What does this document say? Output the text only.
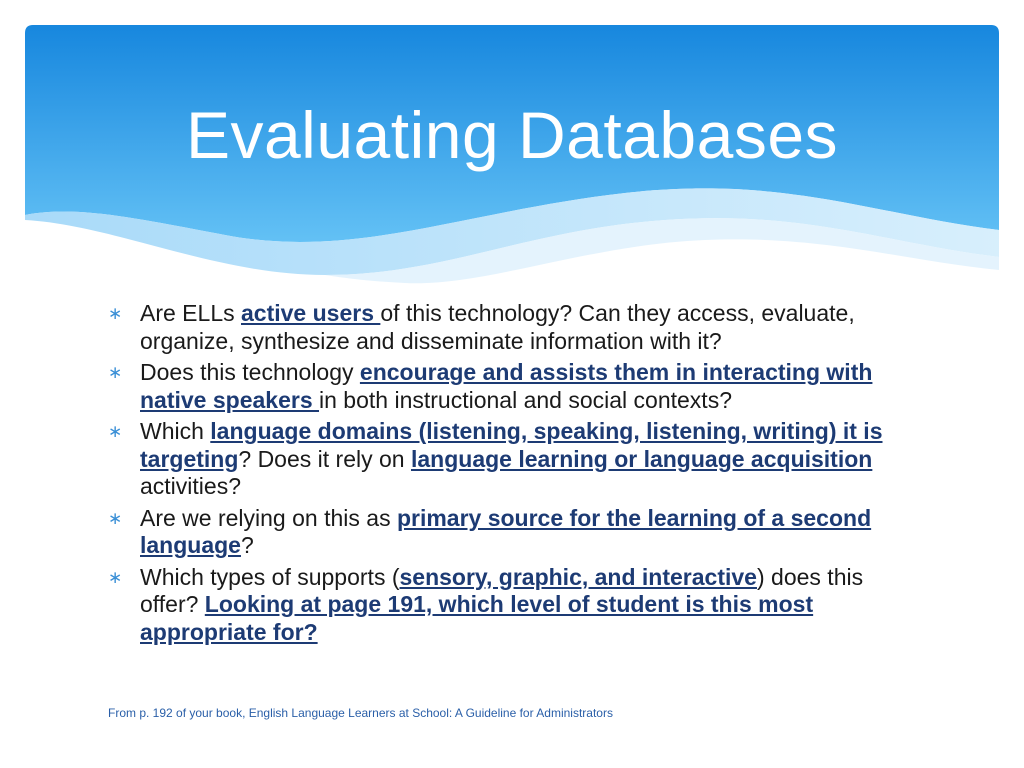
Evaluating Databases
∗ Are ELLs active users of this technology? Can they access, evaluate, organize, synthesize and disseminate information with it?
∗ Does this technology encourage and assists them in interacting with native speakers in both instructional and social contexts?
∗ Which language domains (listening, speaking, listening, writing) it is targeting? Does it rely on language learning or language acquisition activities?
∗ Are we relying on this as primary source for the learning of a second language?
∗ Which types of supports (sensory, graphic, and interactive) does this offer? Looking at page 191, which level of student is this most appropriate for?
From p. 192 of your book, English Language Learners at School: A Guideline for Administrators
